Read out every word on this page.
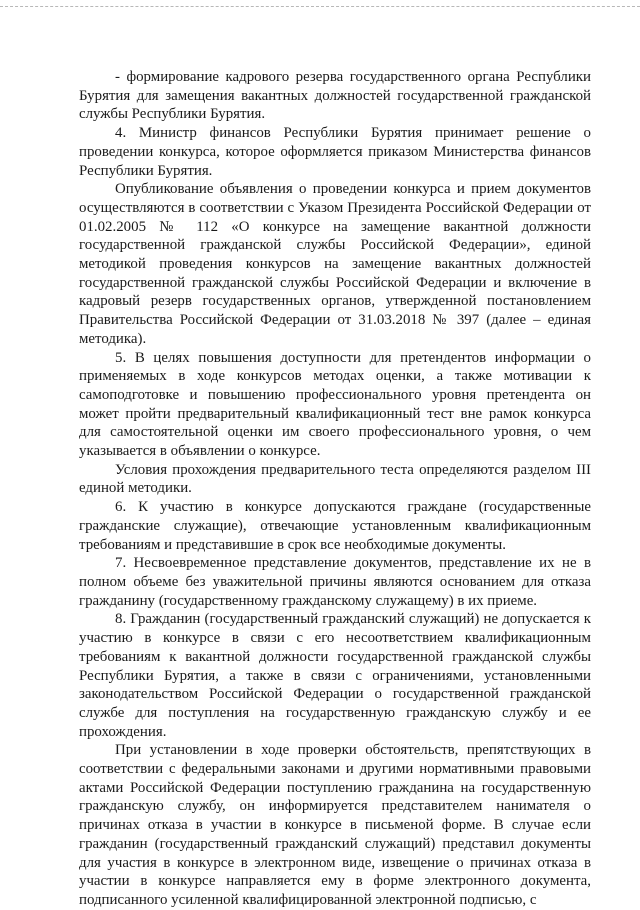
- формирование кадрового резерва государственного органа Республики Бурятия для замещения вакантных должностей государственной гражданской службы Республики Бурятия.

4. Министр финансов Республики Бурятия принимает решение о проведении конкурса, которое оформляется приказом Министерства финансов Республики Бурятия.

Опубликование объявления о проведении конкурса и прием документов осуществляются в соответствии с Указом Президента Российской Федерации от 01.02.2005 № 112 «О конкурсе на замещение вакантной должности государственной гражданской службы Российской Федерации», единой методикой проведения конкурсов на замещение вакантных должностей государственной гражданской службы Российской Федерации и включение в кадровый резерв государственных органов, утвержденной постановлением Правительства Российской Федерации от 31.03.2018 № 397 (далее – единая методика).

5. В целях повышения доступности для претендентов информации о применяемых в ходе конкурсов методах оценки, а также мотивации к самоподготовке и повышению профессионального уровня претендента он может пройти предварительный квалификационный тест вне рамок конкурса для самостоятельной оценки им своего профессионального уровня, о чем указывается в объявлении о конкурсе.

Условия прохождения предварительного теста определяются разделом III единой методики.

6. К участию в конкурсе допускаются граждане (государственные гражданские служащие), отвечающие установленным квалификационным требованиям и представившие в срок все необходимые документы.

7. Несвоевременное представление документов, представление их не в полном объеме без уважительной причины являются основанием для отказа гражданину (государственному гражданскому служащему) в их приеме.

8. Гражданин (государственный гражданский служащий) не допускается к участию в конкурсе в связи с его несоответствием квалификационным требованиям к вакантной должности государственной гражданской службы Республики Бурятия, а также в связи с ограничениями, установленными законодательством Российской Федерации о государственной гражданской службе для поступления на государственную гражданскую службу и ее прохождения.

При установлении в ходе проверки обстоятельств, препятствующих в соответствии с федеральными законами и другими нормативными правовыми актами Российской Федерации поступлению гражданина на государственную гражданскую службу, он информируется представителем нанимателя о причинах отказа в участии в конкурсе в письменой форме. В случае если гражданин (государственный гражданский служащий) представил документы для участия в конкурсе в электронном виде, извещение о причинах отказа в участии в конкурсе направляется ему в форме электронного документа, подписанного усиленной квалифицированной электронной подписью, с
